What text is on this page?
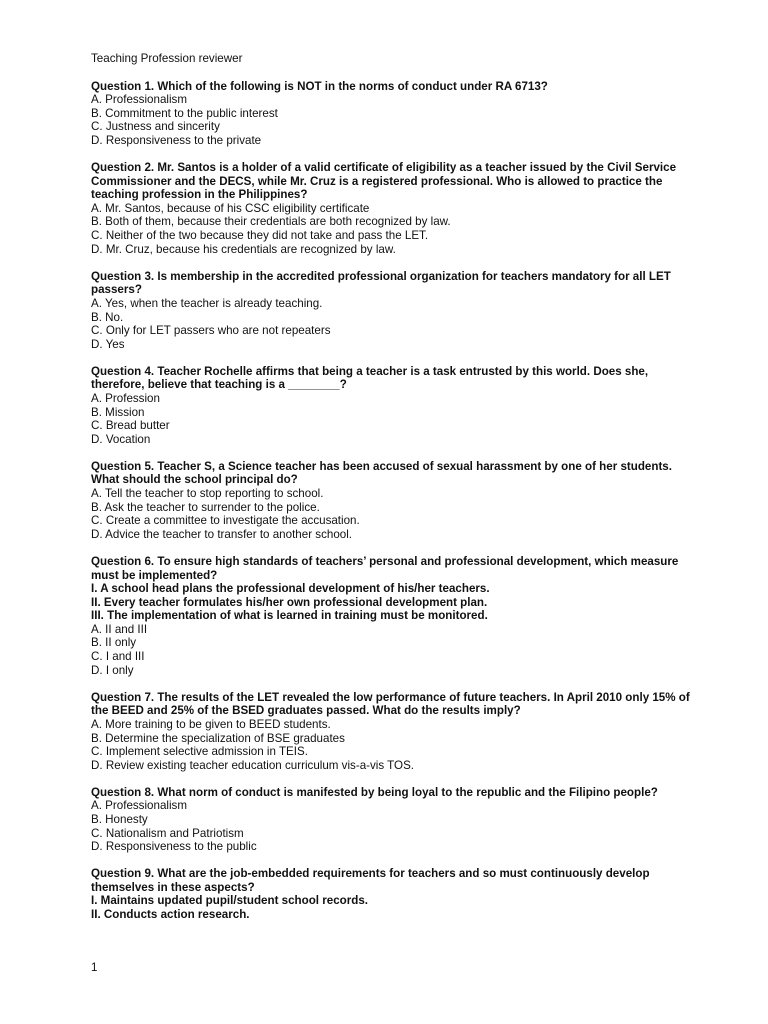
Teaching Profession reviewer
Question 1. Which of the following is NOT in the norms of conduct under RA 6713?
A. Professionalism
B. Commitment to the public interest
C. Justness and sincerity
D. Responsiveness to the private
Question 2. Mr. Santos is a holder of a valid certificate of eligibility as a teacher issued by the Civil Service Commissioner and the DECS, while Mr. Cruz is a registered professional. Who is allowed to practice the teaching profession in the Philippines?
A. Mr. Santos, because of his CSC eligibility certificate
B. Both of them, because their credentials are both recognized by law.
C. Neither of the two because they did not take and pass the LET.
D. Mr. Cruz, because his credentials are recognized by law.
Question 3. Is membership in the accredited professional organization for teachers mandatory for all LET passers?
A. Yes, when the teacher is already teaching.
B. No.
C. Only for LET passers who are not repeaters
D. Yes
Question 4. Teacher Rochelle affirms that being a teacher is a task entrusted by this world. Does she, therefore, believe that teaching is a ________?
A. Profession
B. Mission
C. Bread butter
D. Vocation
Question 5. Teacher S, a Science teacher has been accused of sexual harassment by one of her students. What should the school principal do?
A. Tell the teacher to stop reporting to school.
B. Ask the teacher to surrender to the police.
C. Create a committee to investigate the accusation.
D. Advice the teacher to transfer to another school.
Question 6. To ensure high standards of teachers’ personal and professional development, which measure must be implemented?
I. A school head plans the professional development of his/her teachers.
II. Every teacher formulates his/her own professional development plan.
III. The implementation of what is learned in training must be monitored.
A. II and III
B. II only
C. I and III
D. I only
Question 7. The results of the LET revealed the low performance of future teachers. In April 2010 only 15% of the BEED and 25% of the BSED graduates passed. What do the results imply?
A. More training to be given to BEED students.
B. Determine the specialization of BSE graduates
C. Implement selective admission in TEIS.
D. Review existing teacher education curriculum vis-a-vis TOS.
Question 8. What norm of conduct is manifested by being loyal to the republic and the Filipino people?
A. Professionalism
B. Honesty
C. Nationalism and Patriotism
D. Responsiveness to the public
Question 9. What are the job-embedded requirements for teachers and so must continuously develop themselves in these aspects?
I. Maintains updated pupil/student school records.
II. Conducts action research.
1
